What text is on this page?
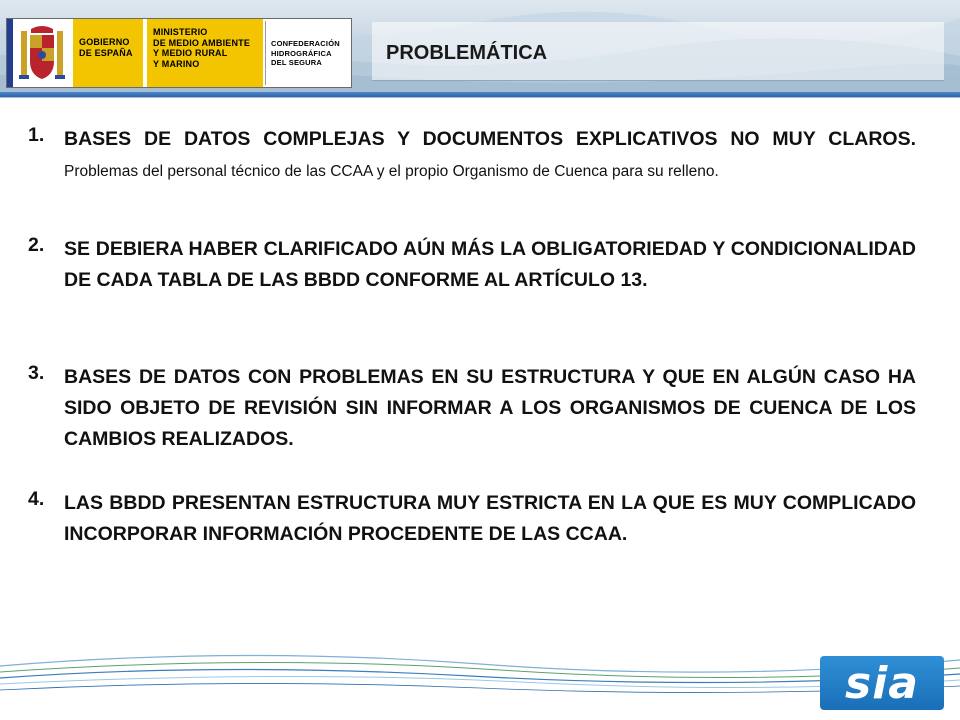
GOBIERNO
DE ESPAÑA
MINISTERIO
DE MEDIO AMBIENTE
Y MEDIO RURAL
Y MARINO
CONFEDERACIÓN
HIDROGRÁFICA
DEL SEGURA	PROBLEMÁTICA
1. BASES DE DATOS COMPLEJAS Y DOCUMENTOS EXPLICATIVOS NO MUY CLAROS. Problemas del personal técnico de las CCAA y el propio Organismo de Cuenca para su relleno.
2. SE DEBIERA HABER CLARIFICADO AÚN MÁS LA OBLIGATORIEDAD Y CONDICIONALIDAD DE CADA TABLA DE LAS BBDD CONFORME AL ARTÍCULO 13.
3. BASES DE DATOS CON PROBLEMAS EN SU ESTRUCTURA Y QUE EN ALGÚN CASO HA  SIDO OBJETO DE REVISIÓN SIN INFORMAR A LOS ORGANISMOS DE CUENCA DE LOS CAMBIOS REALIZADOS.
4. LAS BBDD PRESENTAN ESTRUCTURA MUY ESTRICTA EN LA QUE ES MUY COMPLICADO INCORPORAR INFORMACIÓN PROCEDENTE DE LAS CCAA.
sia
